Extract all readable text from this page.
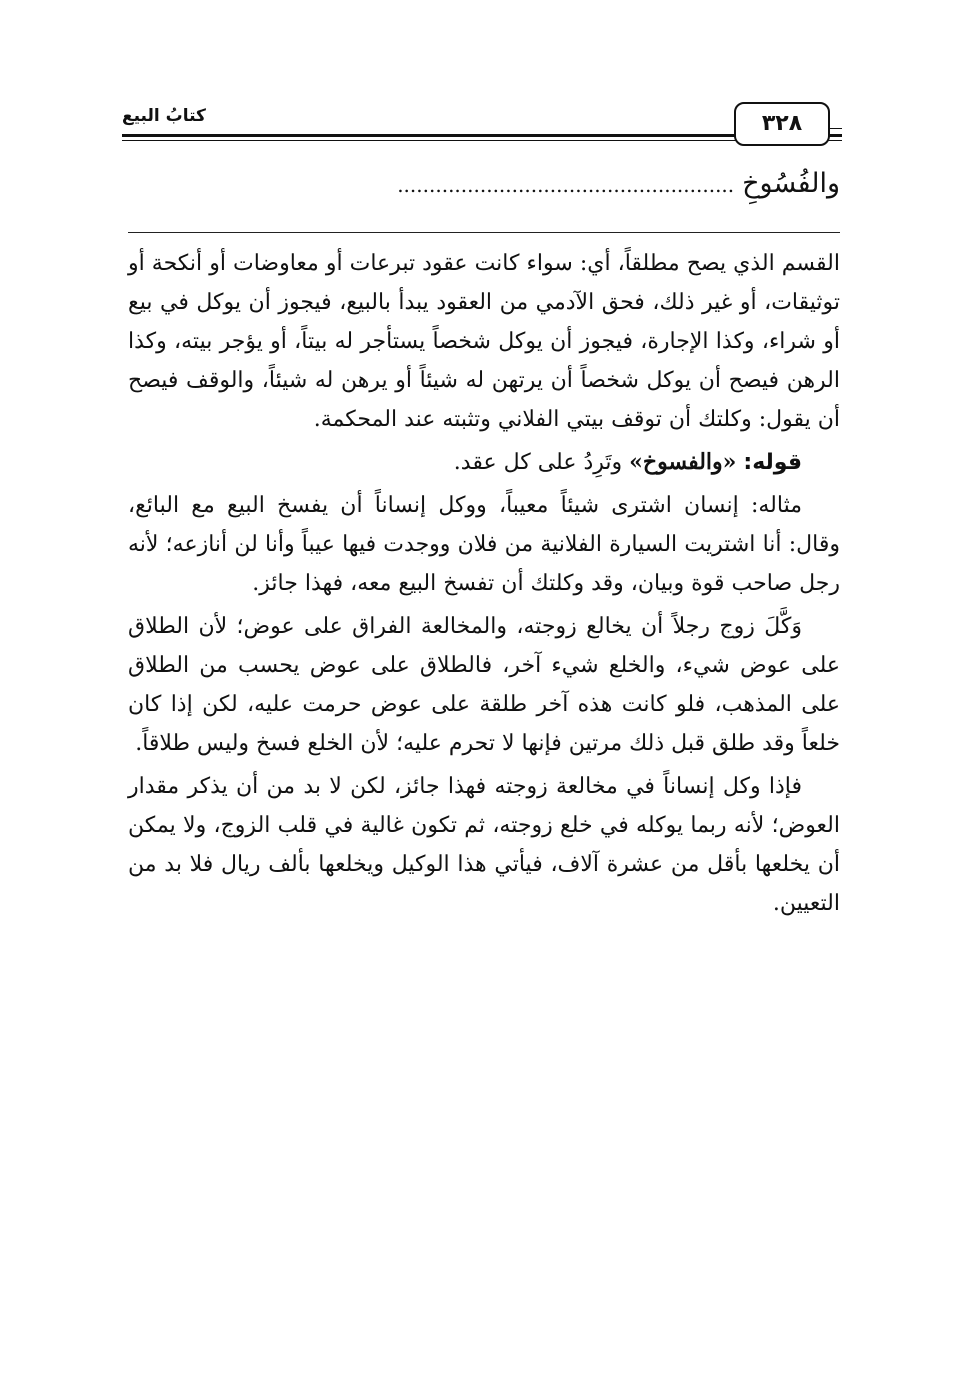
كتابُ البيع	٣٢٨
والفُسُوخِ .....................................................

القسم الذي يصح مطلقاً، أي: سواء كانت عقود تبرعات أو معاوضات أو أنكحة أو توثيقات، أو غير ذلك، فحق الآدمي من العقود يبدأ بالبيع، فيجوز أن يوكل في بيع أو شراء، وكذا الإجارة، فيجوز أن يوكل شخصاً يستأجر له بيتاً، أو يؤجر بيته، وكذا الرهن فيصح أن يوكل شخصاً أن يرتهن له شيئاً أو يرهن له شيئاً، والوقف فيصح أن يقول: وكلتك أن توقف بيتي الفلاني وتثبته عند المحكمة.

قوله: «والفسوخ» وتَرِدُ على كل عقد.

مثاله: إنسان اشترى شيئاً معيباً، ووكل إنساناً أن يفسخ البيع مع البائع، وقال: أنا اشتريت السيارة الفلانية من فلان ووجدت فيها عيباً وأنا لن أنازعه؛ لأنه رجل صاحب قوة وبيان، وقد وكلتك أن تفسخ البيع معه، فهذا جائز.

وَكَّلَ زوج رجلاً أن يخالع زوجته، والمخالعة الفراق على عوض؛ لأن الطلاق على عوض شيء، والخلع شيء آخر، فالطلاق على عوض يحسب من الطلاق على المذهب، فلو كانت هذه آخر طلقة على عوض حرمت عليه، لكن إذا كان خلعاً وقد طلق قبل ذلك مرتين فإنها لا تحرم عليه؛ لأن الخلع فسخ وليس طلاقاً.

فإذا وكل إنساناً في مخالعة زوجته فهذا جائز، لكن لا بد من أن يذكر مقدار العوض؛ لأنه ربما يوكله في خلع زوجته، ثم تكون غالية في قلب الزوج، ولا يمكن أن يخلعها بأقل من عشرة آلاف، فيأتي هذا الوكيل ويخلعها بألف ريال فلا بد من التعيين.
